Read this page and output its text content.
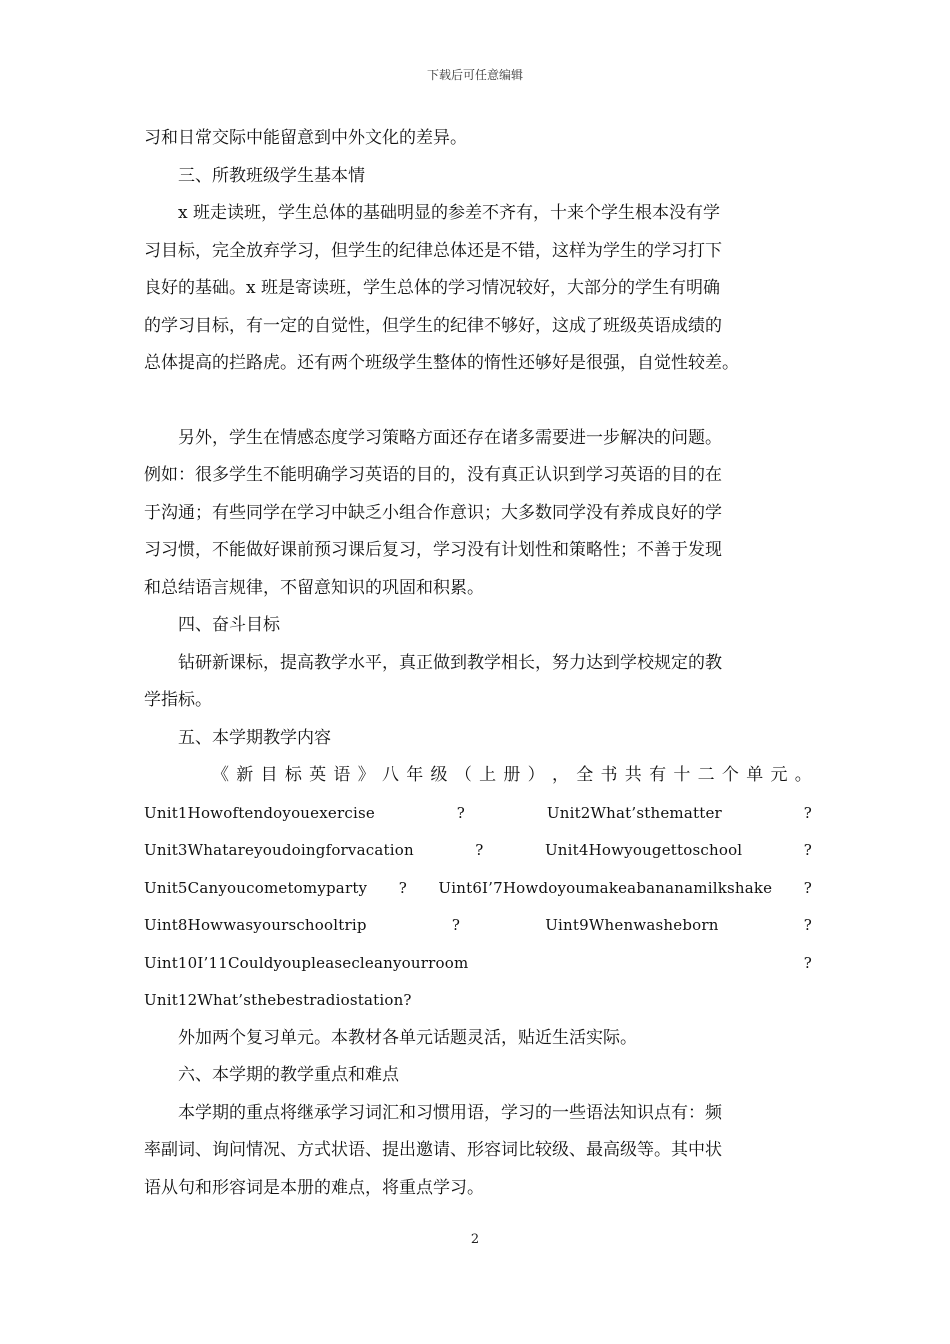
下载后可任意编辑
习和日常交际中能留意到中外文化的差异。
三、所教班级学生基本情
x 班走读班，学生总体的基础明显的参差不齐有，十来个学生根本没有学
习目标，完全放弃学习，但学生的纪律总体还是不错，这样为学生的学习打下
良好的基础。x 班是寄读班，学生总体的学习情况较好，大部分的学生有明确
的学习目标，有一定的自觉性，但学生的纪律不够好，这成了班级英语成绩的
总体提高的拦路虎。还有两个班级学生整体的惰性还够好是很强，自觉性较差。
另外，学生在情感态度学习策略方面还存在诸多需要进一步解决的问题。
例如：很多学生不能明确学习英语的目的，没有真正认识到学习英语的目的在
于沟通；有些同学在学习中缺乏小组合作意识；大多数同学没有养成良好的学
习习惯，不能做好课前预习课后复习，学习没有计划性和策略性；不善于发现
和总结语言规律，不留意知识的巩固和积累。
四、奋斗目标
钻研新课标，提高教学水平，真正做到教学相长，努力达到学校规定的教
学指标。
五、本学期教学内容
《 新 目 标 英 语 》 八 年 级 （ 上 册 ） ， 全 书 共 有 十 二 个 单 元 。
Unit1Howoftendoyouexercise	?	Unit2What’sthematter	?
Unit3Whatareyoudoingforvacation	?	Unit4Howyougettoschool	?
Unit5Canyoucometomyparty ? Uint6I’7Howdoyoumakeabananamilkshake ?
Uint8Howwasyourschooltrip	?	Uint9Whenwasheborn	?
Uint10I’11Couldyoupleasecleanyourroom	?
Unit12What’sthebestradiostation?
外加两个复习单元。本教材各单元话题灵活，贴近生活实际。
六、本学期的教学重点和难点
本学期的重点将继承学习词汇和习惯用语，学习的一些语法知识点有：频
率副词、询问情况、方式状语、提出邀请、形容词比较级、最高级等。其中状
语从句和形容词是本册的难点，将重点学习。
2
